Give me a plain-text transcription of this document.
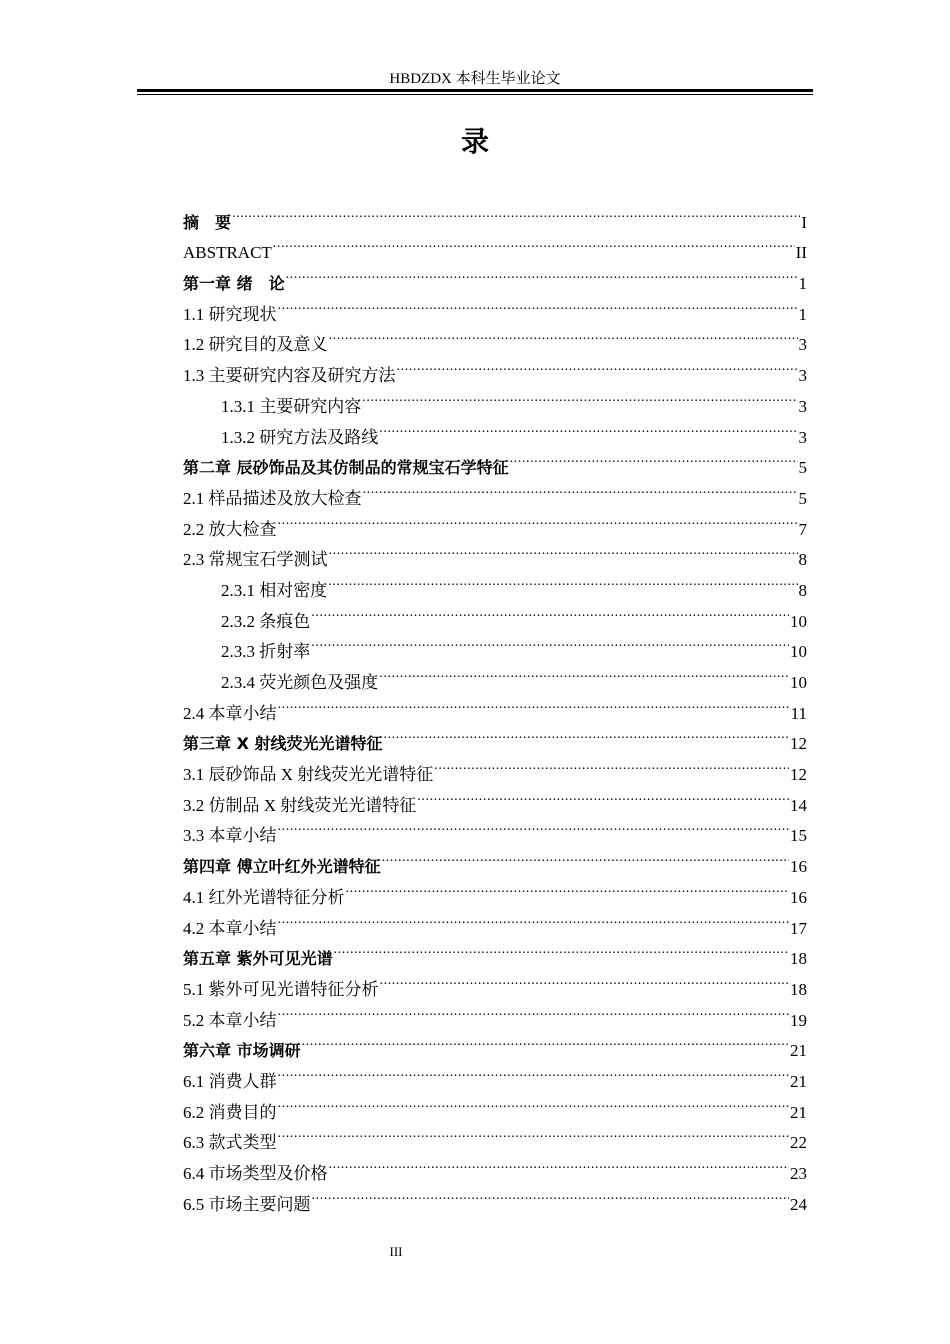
HBDZDX 本科生毕业论文
录
摘　要 .....	I
ABSTRACT .....	II
第一章 绪　论 .....	1
1.1 研究现状 .....	1
1.2 研究目的及意义 .....	3
1.3 主要研究内容及研究方法 .....	3
1.3.1 主要研究内容 .....	3
1.3.2 研究方法及路线 .....	3
第二章 辰砂饰品及其仿制品的常规宝石学特征 .....	5
2.1 样品描述及放大检查 .....	5
2.2 放大检查 .....	7
2.3 常规宝石学测试 .....	8
2.3.1 相对密度 .....	8
2.3.2 条痕色 .....	10
2.3.3 折射率 .....	10
2.3.4 荧光颜色及强度 .....	10
2.4 本章小结 .....	11
第三章 X 射线荧光光谱特征 .....	12
3.1 辰砂饰品 X 射线荧光光谱特征 .....	12
3.2 仿制品 X 射线荧光光谱特征 .....	14
3.3 本章小结 .....	15
第四章 傅立叶红外光谱特征 .....	16
4.1 红外光谱特征分析 .....	16
4.2 本章小结 .....	17
第五章 紫外可见光谱 .....	18
5.1 紫外可见光谱特征分析 .....	18
5.2 本章小结 .....	19
第六章 市场调研 .....	21
6.1 消费人群 .....	21
6.2 消费目的 .....	21
6.3 款式类型 .....	22
6.4 市场类型及价格 .....	23
6.5 市场主要问题 .....	24
III
